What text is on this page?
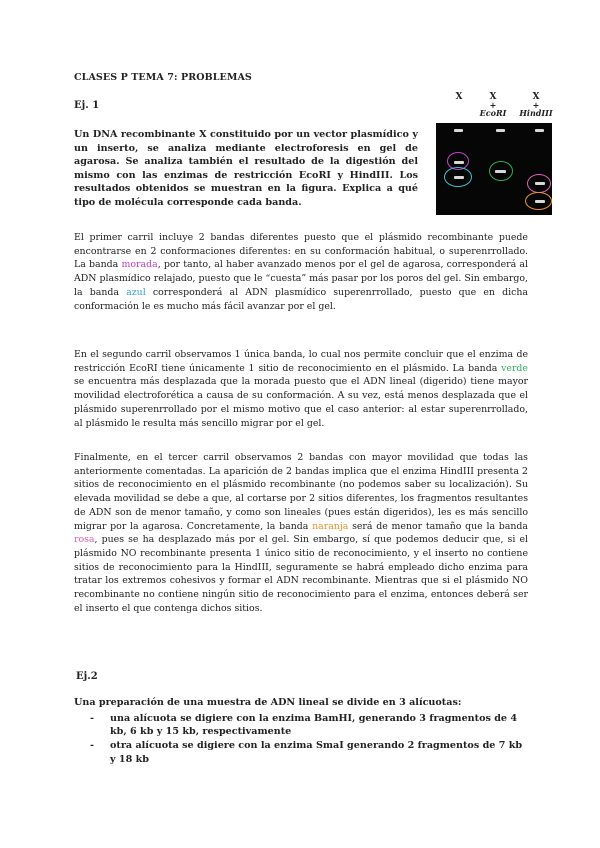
CLASES P TEMA 7: PROBLEMAS
Ej. 1
Un DNA recombinante X constituido por un vector plasmídico y un inserto, se analiza mediante electroforesis en gel de agarosa. Se analiza también el resultado de la digestión del mismo con las enzimas de restricción EcoRI y HindIII. Los resultados obtenidos se muestran en la figura. Explica a qué tipo de molécula corresponde cada banda.
X	X
+
EcoRI
X
+
HindIII
El primer carril incluye 2 bandas diferentes puesto que el plásmido recombinante puede encontrarse en 2 conformaciones diferentes: en su conformación habitual, o superenrrollado. La banda morada, por tanto, al haber avanzado menos por el gel de agarosa, corresponderá al ADN plasmídico relajado, puesto que le “cuesta” más pasar por los poros del gel. Sin embargo, la banda azul corresponderá al ADN plasmídico superenrrollado, puesto que en dicha conformación le es mucho más fácil avanzar por el gel.
En el segundo carril observamos 1 única banda, lo cual nos permite concluir que el enzima de restricción EcoRI tiene únicamente 1 sitio de reconocimiento en el plásmido. La banda verde se encuentra más desplazada que la morada puesto que el ADN lineal (digerido) tiene mayor movilidad electroforética a causa de su conformación. A su vez, está menos desplazada que el plásmido superenrrollado por el mismo motivo que el caso anterior: al estar superenrrollado, al plásmido le resulta más sencillo migrar por el gel.
Finalmente, en el tercer carril observamos 2 bandas con mayor movilidad que todas las anteriormente comentadas. La aparición de 2 bandas implica que el enzima HindIII presenta 2 sitios de reconocimiento en el plásmido recombinante (no podemos saber su localización). Su elevada movilidad se debe a que, al cortarse por 2 sitios diferentes, los fragmentos resultantes de ADN son de menor tamaño, y como son lineales (pues están digeridos), les es más sencillo migrar por la agarosa. Concretamente, la banda naranja será de menor tamaño que la banda rosa, pues se ha desplazado más por el gel. Sin embargo, sí que podemos deducir que, si el plásmido NO recombinante presenta 1 único sitio de reconocimiento, y el inserto no contiene sitios de reconocimiento para la HindIII, seguramente se habrá empleado dicho enzima para tratar los extremos cohesivos y formar el ADN recombinante. Mientras que si el plásmido NO recombinante no contiene ningún sitio de reconocimiento para el enzima, entonces deberá ser el inserto el que contenga dichos sitios.
Ej.2
Una preparación de una muestra de ADN lineal se divide en 3 alícuotas:
- una alícuota se digiere con la enzima BamHI, generando 3 fragmentos de 4 kb, 6 kb y 15 kb, respectivamente
- otra alícuota se digiere con la enzima SmaI generando 2 fragmentos de 7 kb y 18 kb
